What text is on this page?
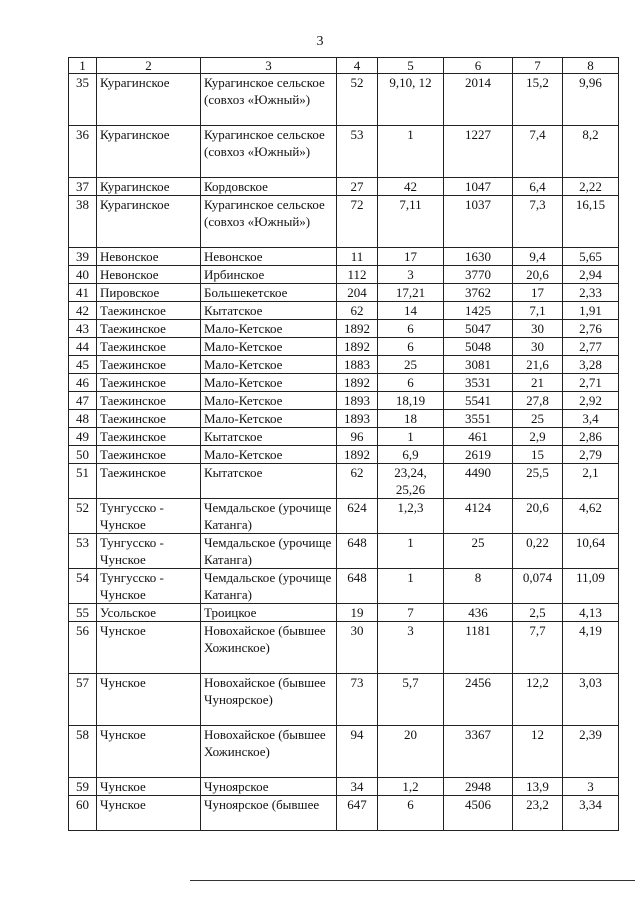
3
1	2	3	4	5	6	7	8
35	Курагинское	Курагинское сельское (совхоз «Южный»)	52	9,10, 12	2014	15,2	9,96
36	Курагинское	Курагинское сельское (совхоз «Южный»)	53	1	1227	7,4	8,2
37	Курагинское	Кордовское	27	42	1047	6,4	2,22
38	Курагинское	Курагинское сельское (совхоз «Южный»)	72	7,11	1037	7,3	16,15
39	Невонское	Невонское	11	17	1630	9,4	5,65
40	Невонское	Ирбинское	112	3	3770	20,6	2,94
41	Пировское	Большекетское	204	17,21	3762	17	2,33
42	Таежинское	Кытатское	62	14	1425	7,1	1,91
43	Таежинское	Мало-Кетское	1892	6	5047	30	2,76
44	Таежинское	Мало-Кетское	1892	6	5048	30	2,77
45	Таежинское	Мало-Кетское	1883	25	3081	21,6	3,28
46	Таежинское	Мало-Кетское	1892	6	3531	21	2,71
47	Таежинское	Мало-Кетское	1893	18,19	5541	27,8	2,92
48	Таежинское	Мало-Кетское	1893	18	3551	25	3,4
49	Таежинское	Кытатское	96	1	461	2,9	2,86
50	Таежинское	Мало-Кетское	1892	6,9	2619	15	2,79
51	Таежинское	Кытатское	62	23,24, 25,26	4490	25,5	2,1
52	Тунгусско - Чунское	Чемдальское (урочище Катанга)	624	1,2,3	4124	20,6	4,62
53	Тунгусско - Чунское	Чемдальское (урочище Катанга)	648	1	25	0,22	10,64
54	Тунгусско - Чунское	Чемдальское (урочище Катанга)	648	1	8	0,074	11,09
55	Усольское	Троицкое	19	7	436	2,5	4,13
56	Чунское	Новохайское (бывшее Хожинское)	30	3	1181	7,7	4,19
57	Чунское	Новохайское (бывшее Чуноярское)	73	5,7	2456	12,2	3,03
58	Чунское	Новохайское (бывшее Хожинское)	94	20	3367	12	2,39
59	Чунское	Чуноярское	34	1,2	2948	13,9	3
60	Чунское	Чуноярское (бывшее	647	6	4506	23,2	3,34
